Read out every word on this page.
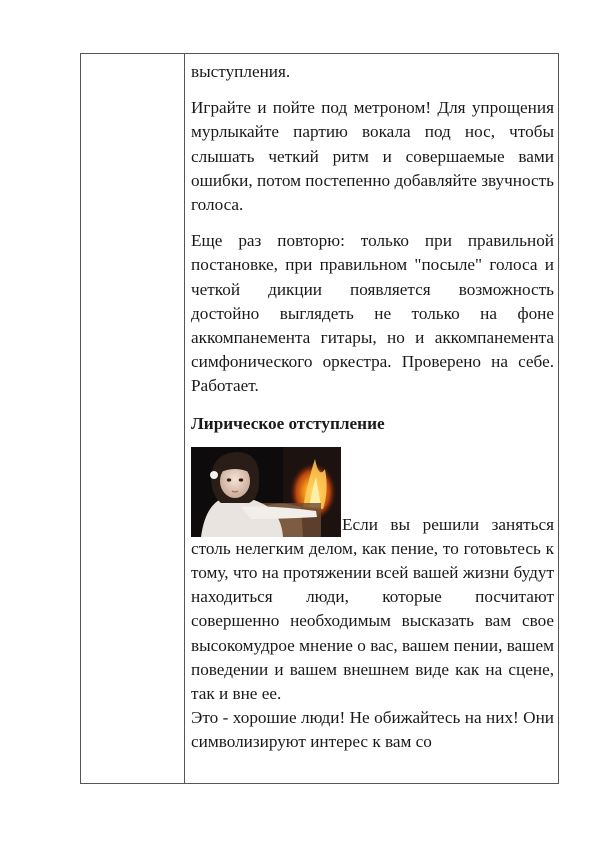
выступления.

Играйте и пойте под метроном! Для упрощения мурлыкайте партию вокала под нос, чтобы слышать четкий ритм и совершаемые вами ошибки, потом постепенно добавляйте звучность голоса.

Еще раз повторю: только при правильной постановке, при правильном "посыле" голоса и четкой дикции появляется возможность достойно выглядеть не только на фоне аккомпанемента гитары, но и аккомпанемента симфонического оркестра. Проверено на себе. Работает.

Лирическое отступление

Если вы решили заняться столь нелегким делом, как пение, то готовьтесь к тому, что на протяжении всей вашей жизни будут находиться люди, которые посчитают совершенно необходимым высказать вам свое высокомудрое мнение о вас, вашем пении, вашем поведении и вашем внешнем виде как на сцене, так и вне ее.

Это - хорошие люди! Не обижайтесь на них! Они символизируют интерес к вам со
